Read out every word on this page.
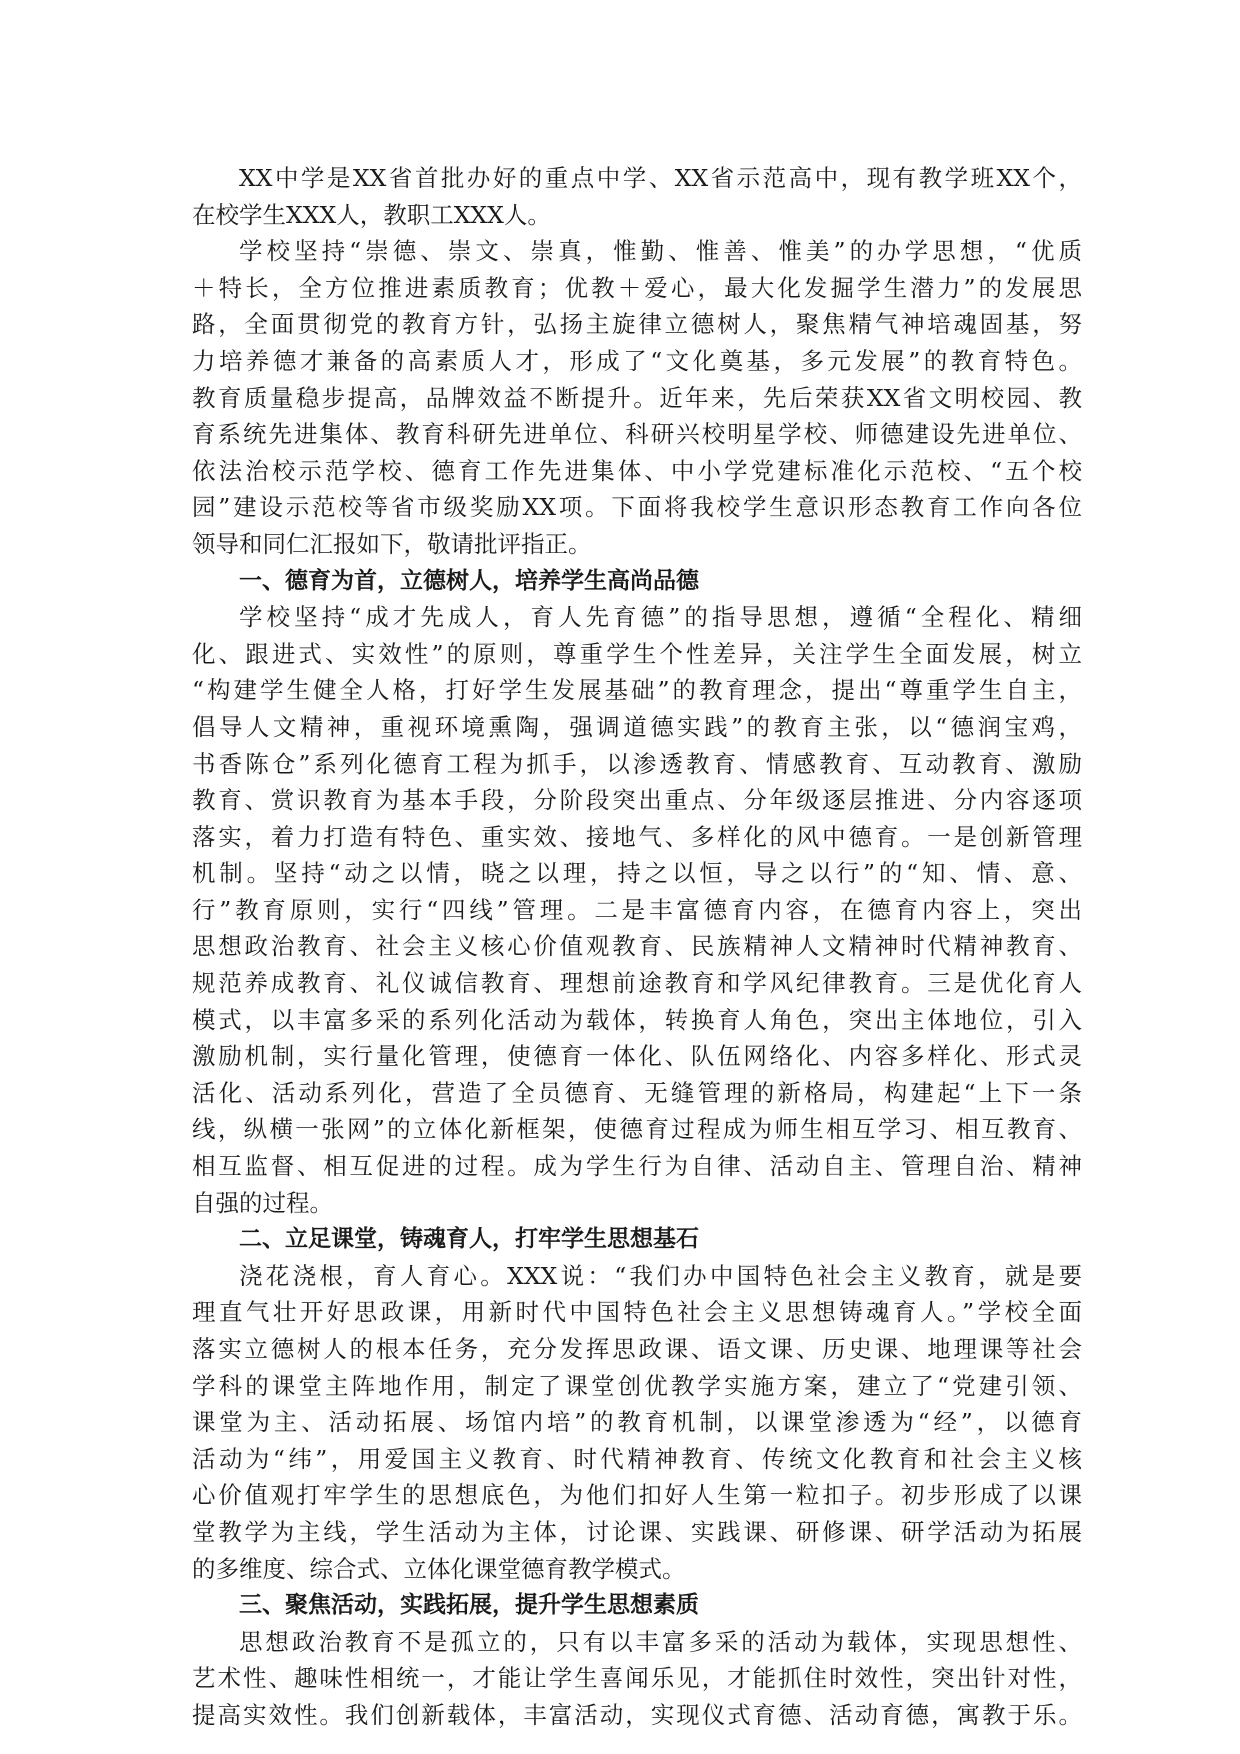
XX中学是XX省首批办好的重点中学、XX省示范高中，现有教学班XX个，
在校学生XXX人，教职工XXX人。
学校坚持“崇德、崇文、崇真，惟勤、惟善、惟美”的办学思想，“优质
＋特长，全方位推进素质教育；优教＋爱心，最大化发掘学生潜力”的发展思
路，全面贯彻党的教育方针，弘扬主旋律立德树人，聚焦精气神培魂固基，努
力培养德才兼备的高素质人才，形成了“文化奠基，多元发展”的教育特色。
教育质量稳步提高，品牌效益不断提升。近年来，先后荣获XX省文明校园、教
育系统先进集体、教育科研先进单位、科研兴校明星学校、师德建设先进单位、
依法治校示范学校、德育工作先进集体、中小学党建标准化示范校、“五个校
园”建设示范校等省市级奖励XX项。下面将我校学生意识形态教育工作向各位
领导和同仁汇报如下，敬请批评指正。
一、德育为首，立德树人，培养学生高尚品德
学校坚持“成才先成人，育人先育德”的指导思想，遵循“全程化、精细
化、跟进式、实效性”的原则，尊重学生个性差异，关注学生全面发展，树立
“构建学生健全人格，打好学生发展基础”的教育理念，提出“尊重学生自主，
倡导人文精神，重视环境熏陶，强调道德实践”的教育主张，以“德润宝鸡，
书香陈仓”系列化德育工程为抓手，以渗透教育、情感教育、互动教育、激励
教育、赏识教育为基本手段，分阶段突出重点、分年级逐层推进、分内容逐项
落实，着力打造有特色、重实效、接地气、多样化的风中德育。一是创新管理
机制。坚持“动之以情，晓之以理，持之以恒，导之以行”的“知、情、意、
行”教育原则，实行“四线”管理。二是丰富德育内容，在德育内容上，突出
思想政治教育、社会主义核心价值观教育、民族精神人文精神时代精神教育、
规范养成教育、礼仪诚信教育、理想前途教育和学风纪律教育。三是优化育人
模式，以丰富多采的系列化活动为载体，转换育人角色，突出主体地位，引入
激励机制，实行量化管理，使德育一体化、队伍网络化、内容多样化、形式灵
活化、活动系列化，营造了全员德育、无缝管理的新格局，构建起“上下一条
线，纵横一张网”的立体化新框架，使德育过程成为师生相互学习、相互教育、
相互监督、相互促进的过程。成为学生行为自律、活动自主、管理自治、精神
自强的过程。
二、立足课堂，铸魂育人，打牢学生思想基石
浇花浇根，育人育心。XXX说：“我们办中国特色社会主义教育，就是要
理直气壮开好思政课，用新时代中国特色社会主义思想铸魂育人。”学校全面
落实立德树人的根本任务，充分发挥思政课、语文课、历史课、地理课等社会
学科的课堂主阵地作用，制定了课堂创优教学实施方案，建立了“党建引领、
课堂为主、活动拓展、场馆内培”的教育机制，以课堂渗透为“经”，以德育
活动为“纬”，用爱国主义教育、时代精神教育、传统文化教育和社会主义核
心价值观打牢学生的思想底色，为他们扣好人生第一粒扣子。初步形成了以课
堂教学为主线，学生活动为主体，讨论课、实践课、研修课、研学活动为拓展
的多维度、综合式、立体化课堂德育教学模式。
三、聚焦活动，实践拓展，提升学生思想素质
思想政治教育不是孤立的，只有以丰富多采的活动为载体，实现思想性、
艺术性、趣味性相统一，才能让学生喜闻乐见，才能抓住时效性，突出针对性，
提高实效性。我们创新载体，丰富活动，实现仪式育德、活动育德，寓教于乐。
